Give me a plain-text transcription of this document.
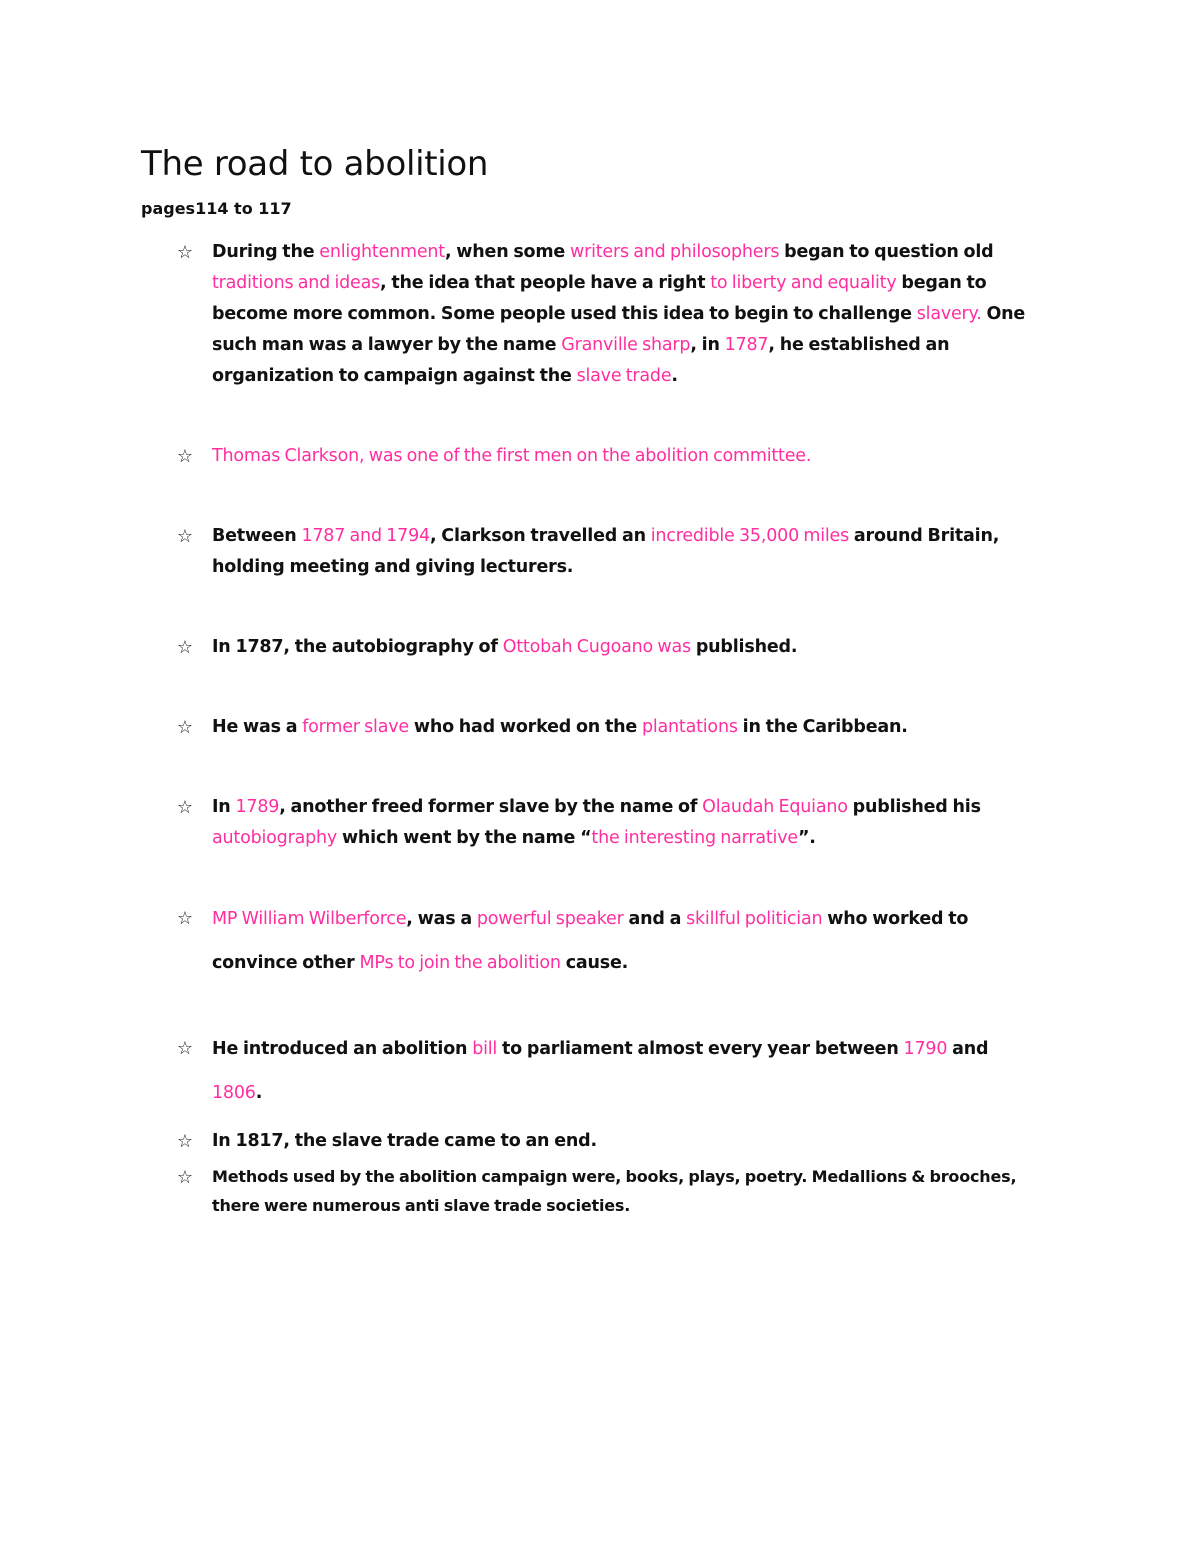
The road to abolition

pages114 to 117

☆ During the enlightenment, when some writers and philosophers began to question old
traditions and ideas, the idea that people have a right to liberty and equality began to
become more common. Some people used this idea to begin to challenge slavery. One
such man was a lawyer by the name Granville sharp, in 1787, he established an
organization to campaign against the slave trade.
☆ Thomas Clarkson, was one of the first men on the abolition committee.
☆ Between 1787 and 1794, Clarkson travelled an incredible 35,000 miles around Britain,
holding meeting and giving lecturers.
☆ In 1787, the autobiography of Ottobah Cugoano was published.
☆ He was a former slave who had worked on the plantations in the Caribbean.
☆ In 1789, another freed former slave by the name of Olaudah Equiano published his
autobiography which went by the name “the interesting narrative”.
☆ MP William Wilberforce, was a powerful speaker and a skillful politician who worked to
convince other MPs to join the abolition cause.
☆ He introduced an abolition bill to parliament almost every year between 1790 and
1806.
☆ In 1817, the slave trade came to an end.
☆ Methods used by the abolition campaign were, books, plays, poetry. Medallions & brooches,
there were numerous anti slave trade societies.
